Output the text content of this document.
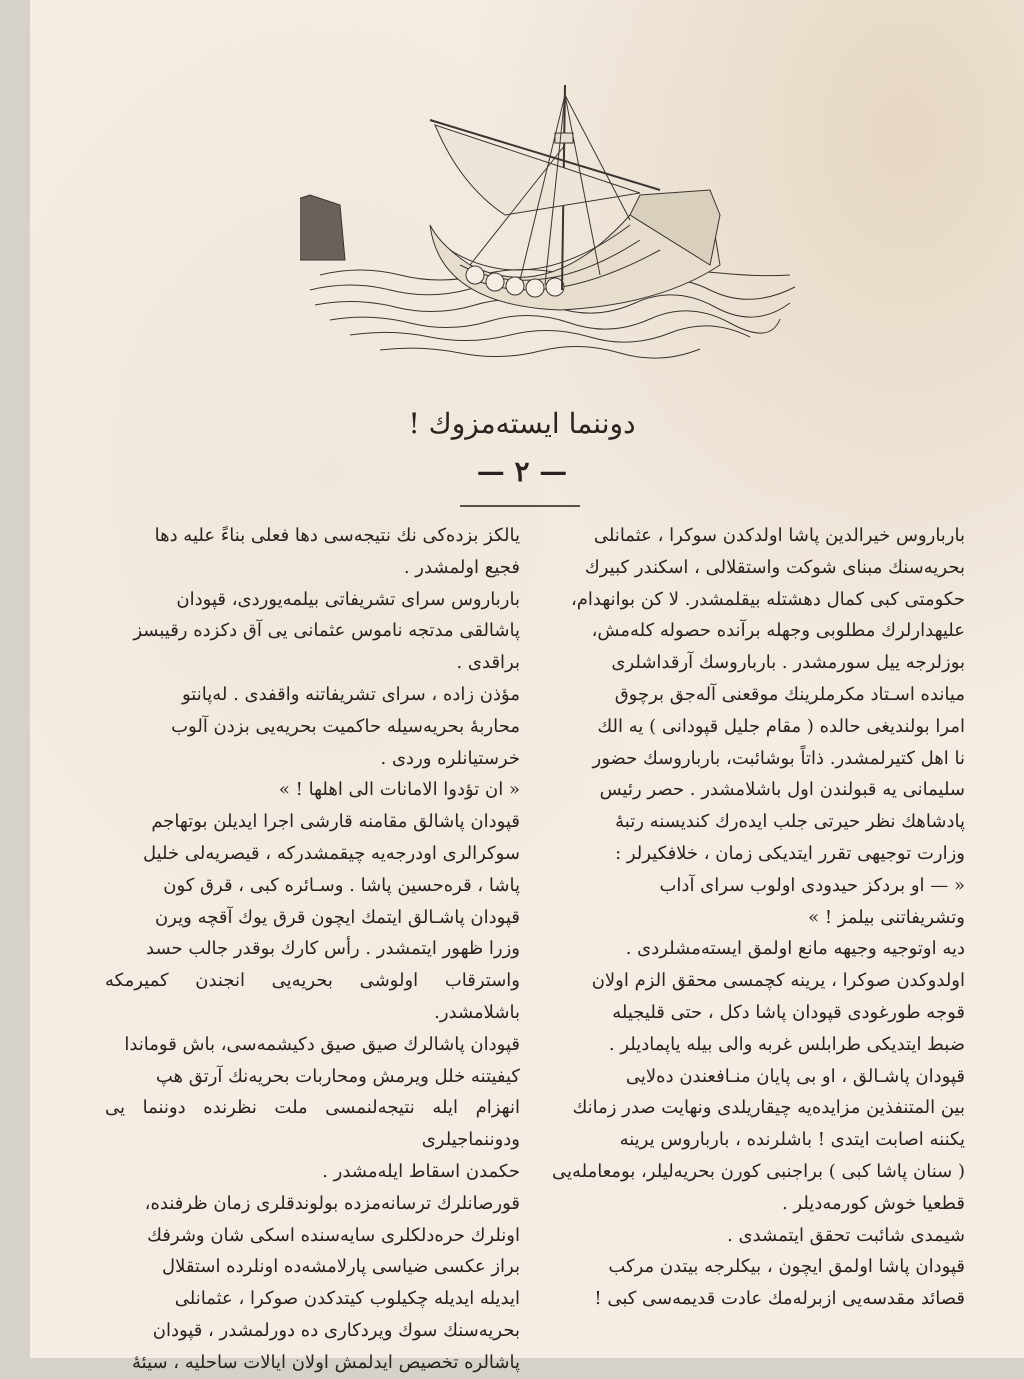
دوننما ایستەمزوك !
— ٢ —

بارباروس خیرالدین پاشا اولدكدن سوكرا ، عثمانلی

بحریەسنك مبنای شوكت واستقلالی ، اسكندر كبیرك

حكومتی كبی كمال دهشتلە بیقلمشدر. لا كن بوانهدام،

علیهدارلرك مطلوبی وجهلە برآندە حصولە كلەمش،

بوزلرجە ییل سورمشدر . بارباروسك آرقداشلری

میاندە اسـتاد مكرملرینك موقعنی آلەجق برچوق

امرا بولندیغی حالدە ( مقام جلیل قپودانی ) یە الك

نا اهل كتیرلمشدر. ذاتاً بوشائبت، بارباروسك حضور

سلیمانی یە قبولندن اول باشلامشدر . حصر رئیس

پادشاهك نظر حیرتی جلب ایدەرك كندیسنە رتبۀ

وزارت توجیهی تقرر ایتدیكی زمان ، خلافكیرلر :

« — او بردكز حیدودی اولوب سرای آداب

وتشریفاتنی بیلمز ! »

دیە اوتوجیە وجیهە مانع اولمق ایستەمشلردی .

اولدوكدن صوكرا ، یرینە كچمسی محقق الزم اولان

قوجە طورغودی قپودان پاشا دكل ، حتی قلیجیلە

ضبط ایتدیكی طرابلس غربە والی بیلە یاپمادیلر .

قپودان پاشـالق ، او بی پایان منـافعندن دەلایی

بین المتنفذین مزایدەیە چیقاریلدی ونهایت صدر زمانك

یكننە اصابت ایتدی ! باشلرندە ، بارباروس یرینە

( سنان پاشا كبی ) براجنبی كورن بحریەلیلر، بومعاملەیی

قطعیا خوش كورمەدیلر .

شیمدی شائبت تحقق ایتمشدی .

قپودان پاشا اولمق ایچون ، بیكلرجە بیتدن مركب

قصائد مقدسەیی ازبرلەمك عادت قدیمەسی كبی !

یالكز بزدەكی نك نتیجەسی دها فعلی بناءً علیە دها

فجیع اولمشدر .

بارباروس سرای تشریفاتی بیلمەیوردی، قپودان

پاشالقی مدتجە ناموس عثمانی یی آق دكزدە رقیبسز

براقدی .

مؤذن زادە ، سرای تشریفاتنە واقفدی . لەپانتو

محاربۀ بحریەسیلە حاكمیت بحریەیی بزدن آلوب

خرستیانلرە وردی .

« ان تؤدوا الامانات الی اهلها ! »

قپودان پاشالق مقامنە قارشی اجرا ایدیلن بوتهاجم

سوكرالری اودرجەیە چیقمشدركە ، قیصریەلی خلیل

پاشا ، قرەحسین پاشا . وسـائرە كبی ، قرق كون

قپودان پاشـالق ایتمك ایچون قرق یوك آقچە ویرن

وزرا ظهور ایتمشدر . رأس كارك بوقدر جالب حسد

واسترقاب اولوشی بحریەیی انجندن كمیرمكە باشلامشدر.

قپودان پاشالرك صیق صیق دكیشمەسی، باش قوماندا

كیفیتنە خلل ویرمش ومحاربات بحریەنك آرتق هپ

انهزام ایلە نتیجەلنمسی ملت نظرندە دوننما یی ودوننماجیلری

حكمدن اسقاط ایلەمشدر .

قورصانلرك ترسانەمزدە بولوندقلری زمان ظرفندە،

اونلرك حرەدلكلری سایەسندە اسكی شان وشرفك

براز عكسی ضیاسی پارلامشەدە اونلردە استقلال

ایدیلە ایدیلە چكیلوب كیتدكدن صوكرا ، عثمانلی

بحریەسنك سوك ویردكاری دە دورلمشدر ، قپودان

پاشالرە تخصیص ایدلمش اولان ایالات ساحلیە ، سیئۀ
